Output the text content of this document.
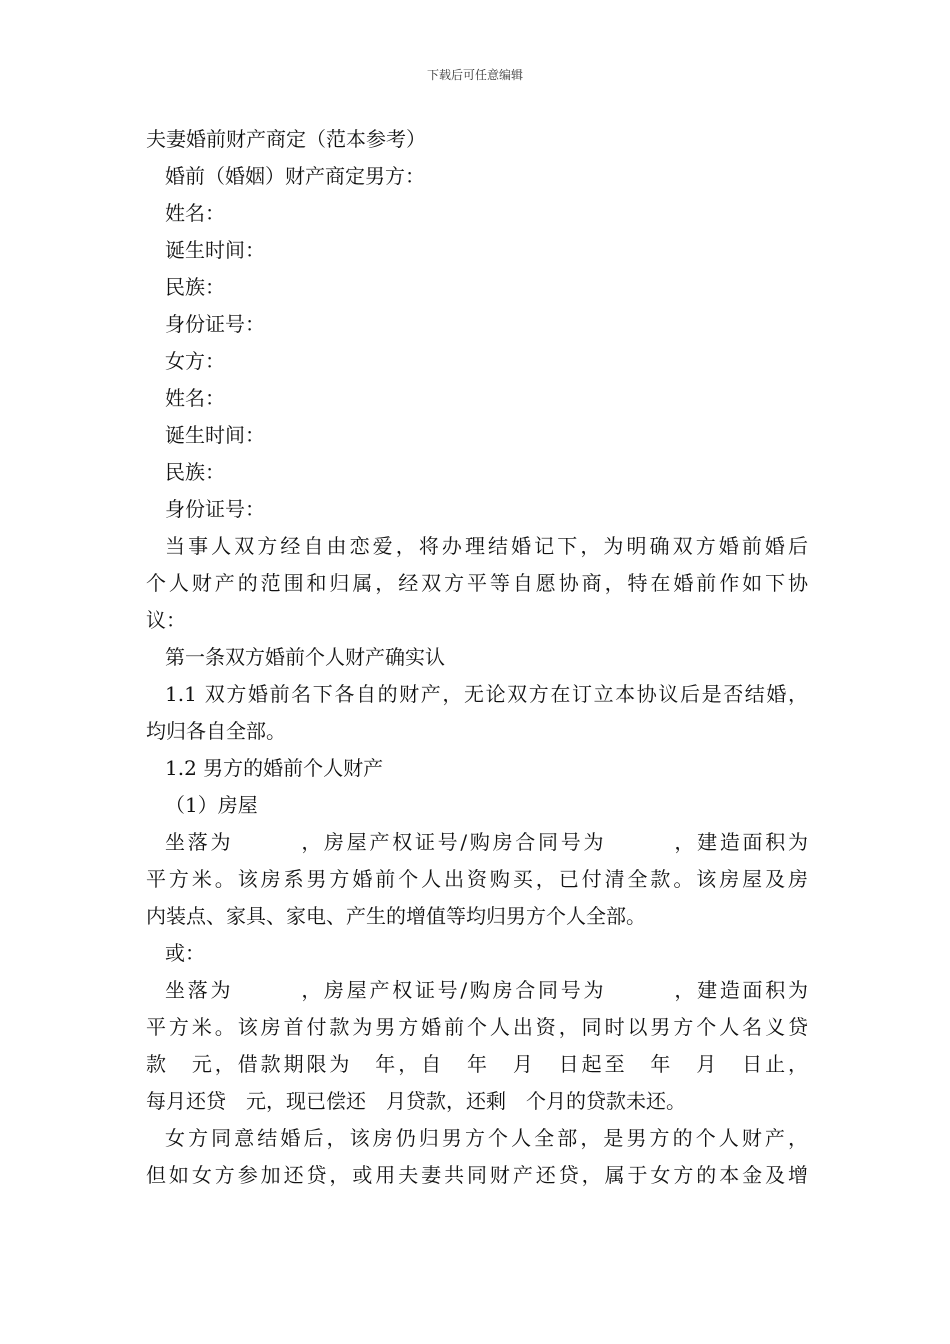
下载后可任意编辑
夫妻婚前财产商定（范本参考）
婚前（婚姻）财产商定男方：
姓名：
诞生时间：
民族：
身份证号：
女方：
姓名：
诞生时间：
民族：
身份证号：
当事人双方经自由恋爱，将办理结婚记下，为明确双方婚前婚后
个人财产的范围和归属，经双方平等自愿协商，特在婚前作如下协
议：
第一条双方婚前个人财产确实认
1.1 双方婚前名下各自的财产，无论双方在订立本协议后是否结婚，
均归各自全部。
1.2 男方的婚前个人财产
（1）房屋
坐落为　　　，房屋产权证号/购房合同号为　　　，建造面积为
平方米。该房系男方婚前个人出资购买，已付清全款。该房屋及房
内装点、家具、家电、产生的增值等均归男方个人全部。
或：
坐落为　　　，房屋产权证号/购房合同号为　　　，建造面积为
平方米。该房首付款为男方婚前个人出资，同时以男方个人名义贷
款　元，借款期限为　年，自　年　月　日起至　年　月　日止，
每月还贷　元，现已偿还　月贷款，还剩　个月的贷款未还。
女方同意结婚后，该房仍归男方个人全部，是男方的个人财产，
但如女方参加还贷，或用夫妻共同财产还贷，属于女方的本金及增
